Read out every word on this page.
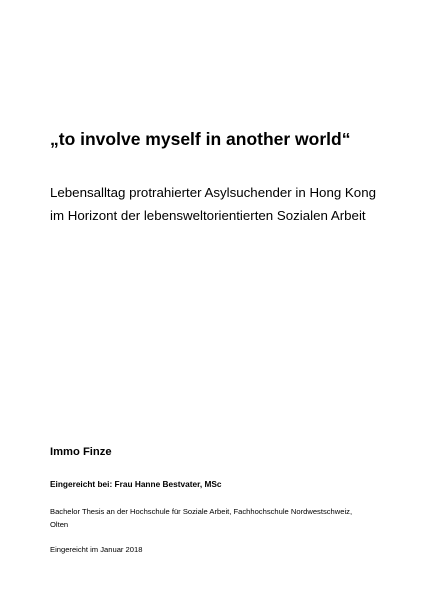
„to involve myself in another world“
Lebensalltag protrahierter Asylsuchender in Hong Kong
im Horizont der lebensweltorientierten Sozialen Arbeit
Immo Finze
Eingereicht bei: Frau Hanne Bestvater, MSc
Bachelor Thesis an der Hochschule für Soziale Arbeit, Fachhochschule Nordwestschweiz,
Olten
Eingereicht im Januar 2018
